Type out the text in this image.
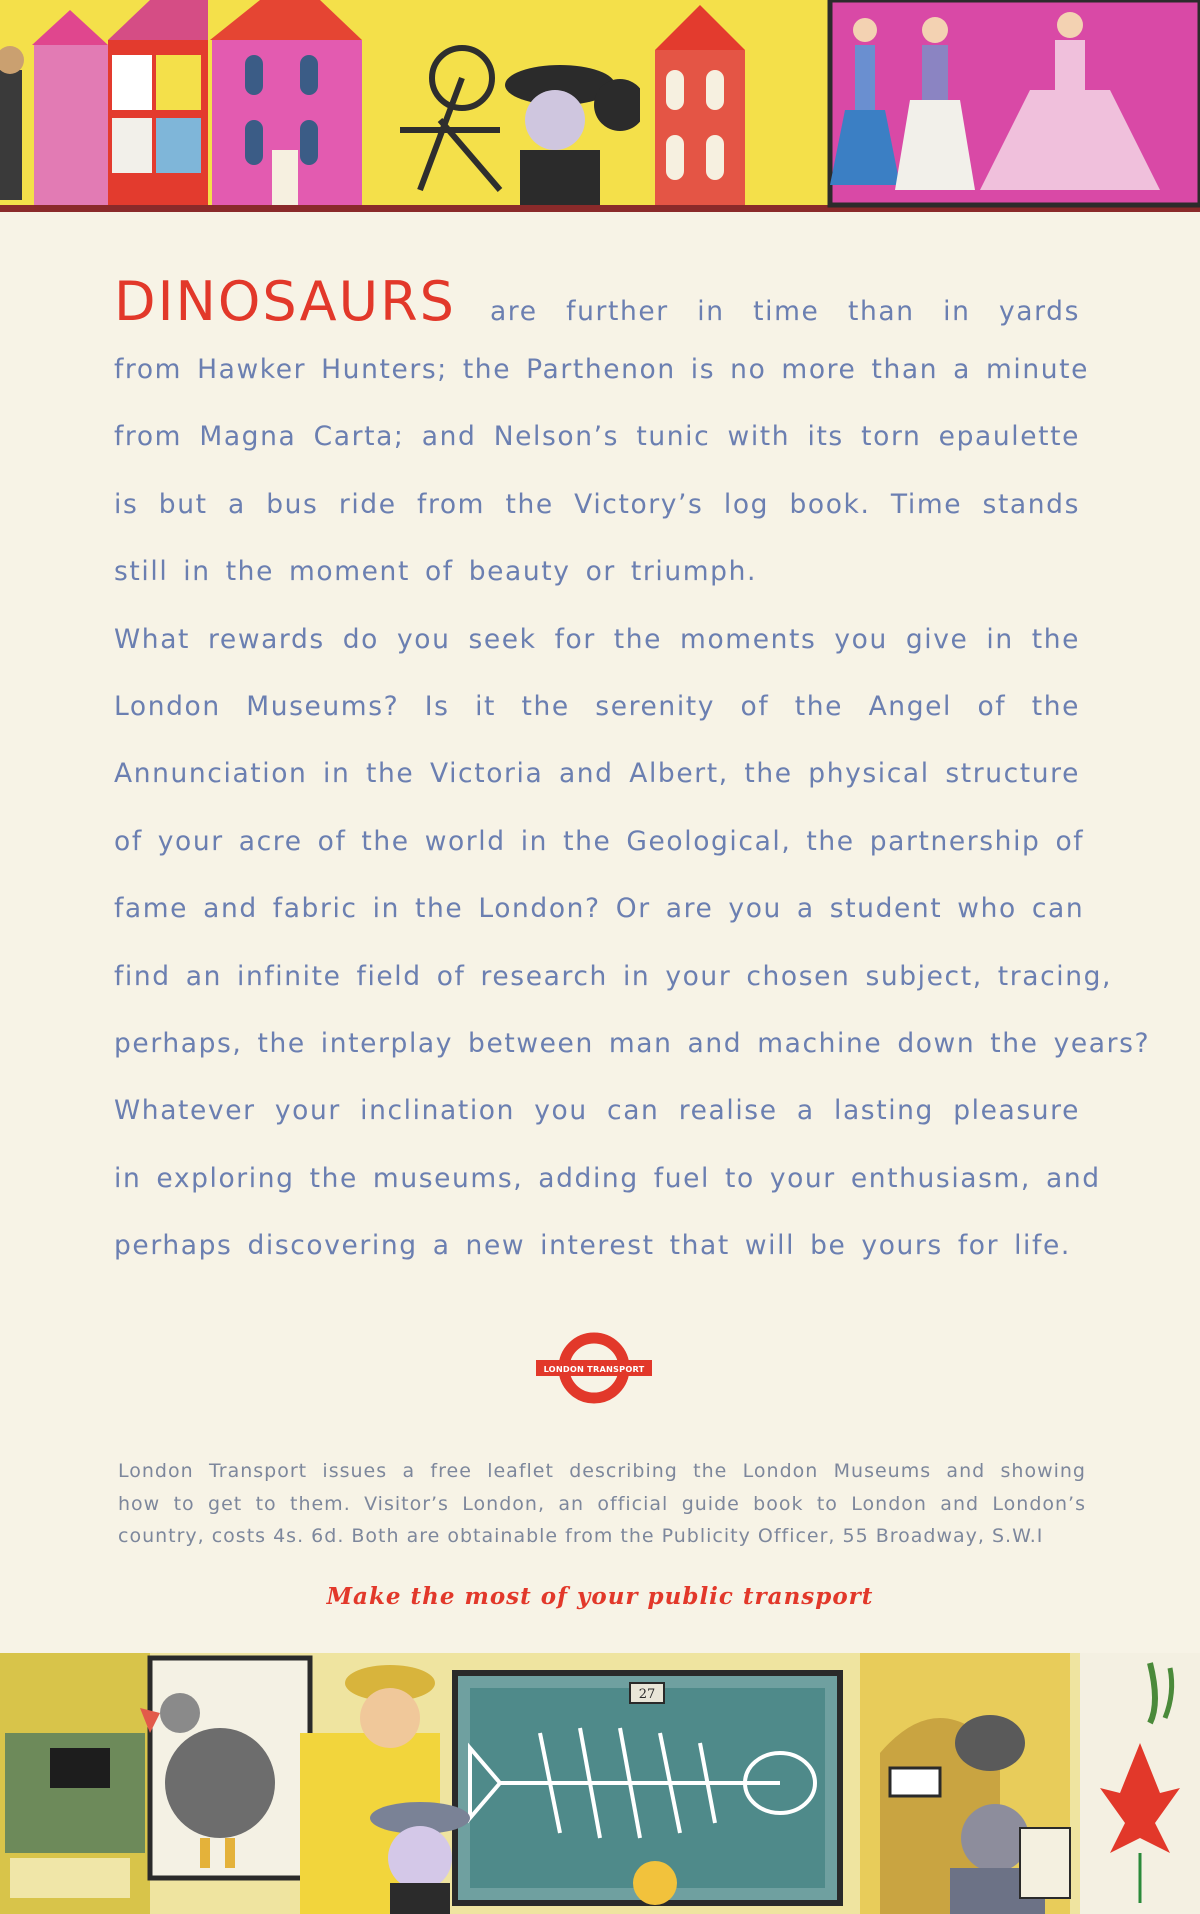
DINOSAURS are further in time than in yards
from Hawker Hunters; the Parthenon is no more than a minute
from Magna Carta; and Nelson’s tunic with its torn epaulette
is but a bus ride from the Victory’s log book. Time stands
still in the moment of beauty or triumph.
What rewards do you seek for the moments you give in the
London Museums? Is it the serenity of the Angel of the
Annunciation in the Victoria and Albert, the physical structure
of your acre of the world in the Geological, the partnership of
fame and fabric in the London? Or are you a student who can
find an infinite field of research in your chosen subject, tracing,
perhaps, the interplay between man and machine down the years?
Whatever your inclination you can realise a lasting pleasure
in exploring the museums, adding fuel to your enthusiasm, and
perhaps discovering a new interest that will be yours for life.
LONDON TRANSPORT
London Transport issues a free leaflet describing the London Museums and showing
how to get to them. Visitor’s London, an official guide book to London and London’s
country, costs 4s. 6d. Both are obtainable from the Publicity Officer, 55 Broadway, S.W.I
Make the most of your public transport
27
